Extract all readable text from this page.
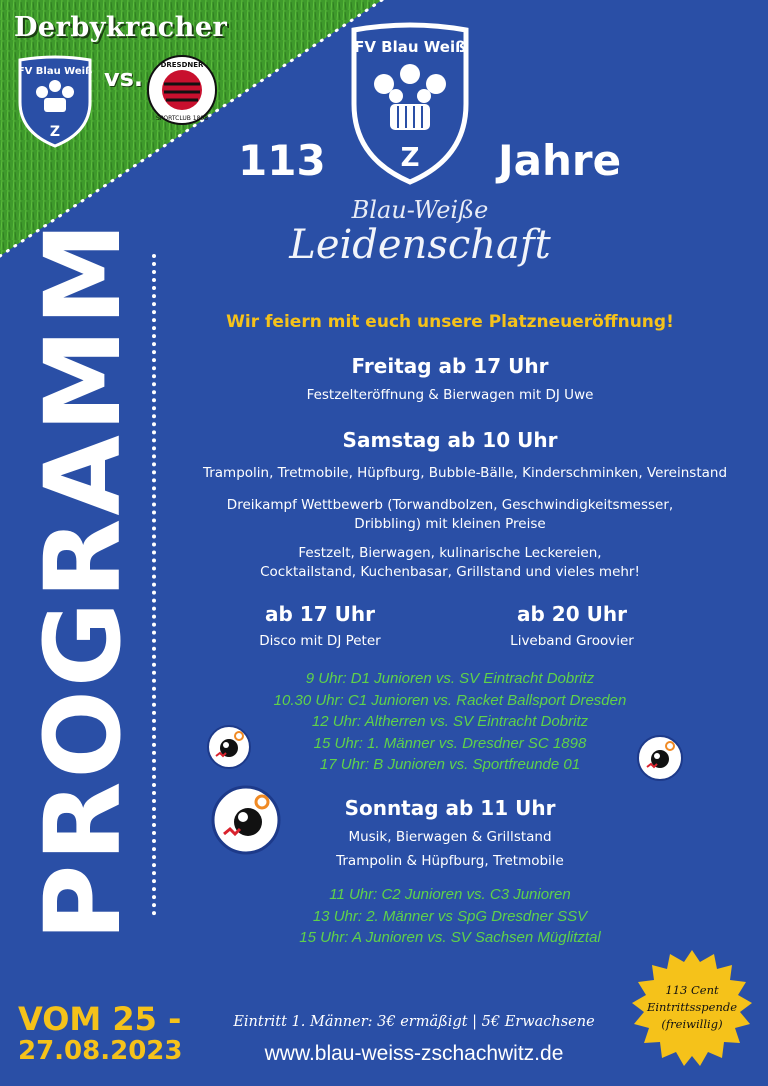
Derbykracher
FV Blau Weiß
Z
vs.	DRESDNER
SPORTCLUB 1898
FV Blau Weiß
Z
113	Jahre
Blau-Weiße
Leidenschaft
PROGRAMM	Wir feiern mit euch unsere Platzneueröffnung!
Freitag ab 17 Uhr
Festzelteröffnung & Bierwagen mit DJ Uwe
Samstag ab 10 Uhr
Trampolin, Tretmobile, Hüpfburg, Bubble-Bälle, Kinderschminken, Vereinstand
Dreikampf Wettbewerb (Torwandbolzen, Geschwindigkeitsmesser, Dribbling) mit kleinen Preise
Festzelt, Bierwagen, kulinarische Leckereien, Cocktailstand, Kuchenbasar, Grillstand und vieles mehr!
ab 17 Uhr
Disco mit DJ Peter
ab 20 Uhr
Liveband Groovier
9 Uhr: D1 Junioren vs. SV Eintracht Dobritz
10.30 Uhr: C1 Junioren vs. Racket Ballsport Dresden
12 Uhr: Altherren vs. SV Eintracht Dobritz
15 Uhr: 1. Männer vs. Dresdner SC 1898
17 Uhr: B Junioren vs. Sportfreunde 01
Sonntag ab 11 Uhr
Musik, Bierwagen & Grillstand
Trampolin & Hüpfburg, Tretmobile
11 Uhr: C2 Junioren vs. C3 Junioren
13 Uhr: 2. Männer vs SpG Dresdner SSV
15 Uhr: A Junioren vs. SV Sachsen Müglitztal
VOM 25 -
27.08.2023
Eintritt 1. Männer: 3€ ermäßigt | 5€ Erwachsene
www.blau-weiss-zschachwitz.de
113 Cent
Eintrittsspende
(freiwillig)
